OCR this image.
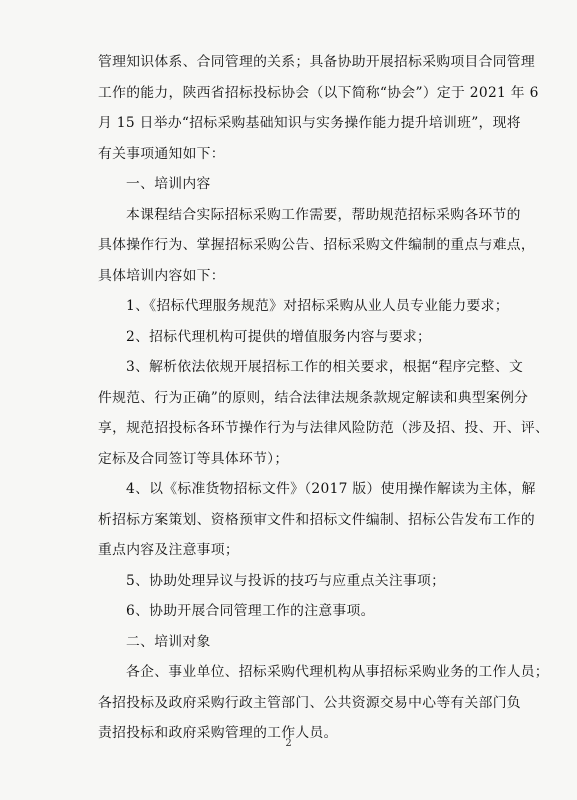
管理知识体系、合同管理的关系；具备协助开展招标采购项目合同管理
工作的能力，陕西省招标投标协会（以下简称“协会”）定于 2021 年 6
月 15 日举办“招标采购基础知识与实务操作能力提升培训班”，现将
有关事项通知如下：
一、培训内容
本课程结合实际招标采购工作需要，帮助规范招标采购各环节的
具体操作行为、掌握招标采购公告、招标采购文件编制的重点与难点，
具体培训内容如下：
1、《招标代理服务规范》对招标采购从业人员专业能力要求；
2、招标代理机构可提供的增值服务内容与要求；
3、解析依法依规开展招标工作的相关要求，根据“程序完整、文
件规范、行为正确”的原则，结合法律法规条款规定解读和典型案例分
享，规范招投标各环节操作行为与法律风险防范（涉及招、投、开、评、
定标及合同签订等具体环节）；
4、以《标准货物招标文件》（2017 版）使用操作解读为主体，解
析招标方案策划、资格预审文件和招标文件编制、招标公告发布工作的
重点内容及注意事项；
5、协助处理异议与投诉的技巧与应重点关注事项；
6、协助开展合同管理工作的注意事项。
二、培训对象
各企、事业单位、招标采购代理机构从事招标采购业务的工作人员；
各招投标及政府采购行政主管部门、公共资源交易中心等有关部门负
责招投标和政府采购管理的工作人员。
2
